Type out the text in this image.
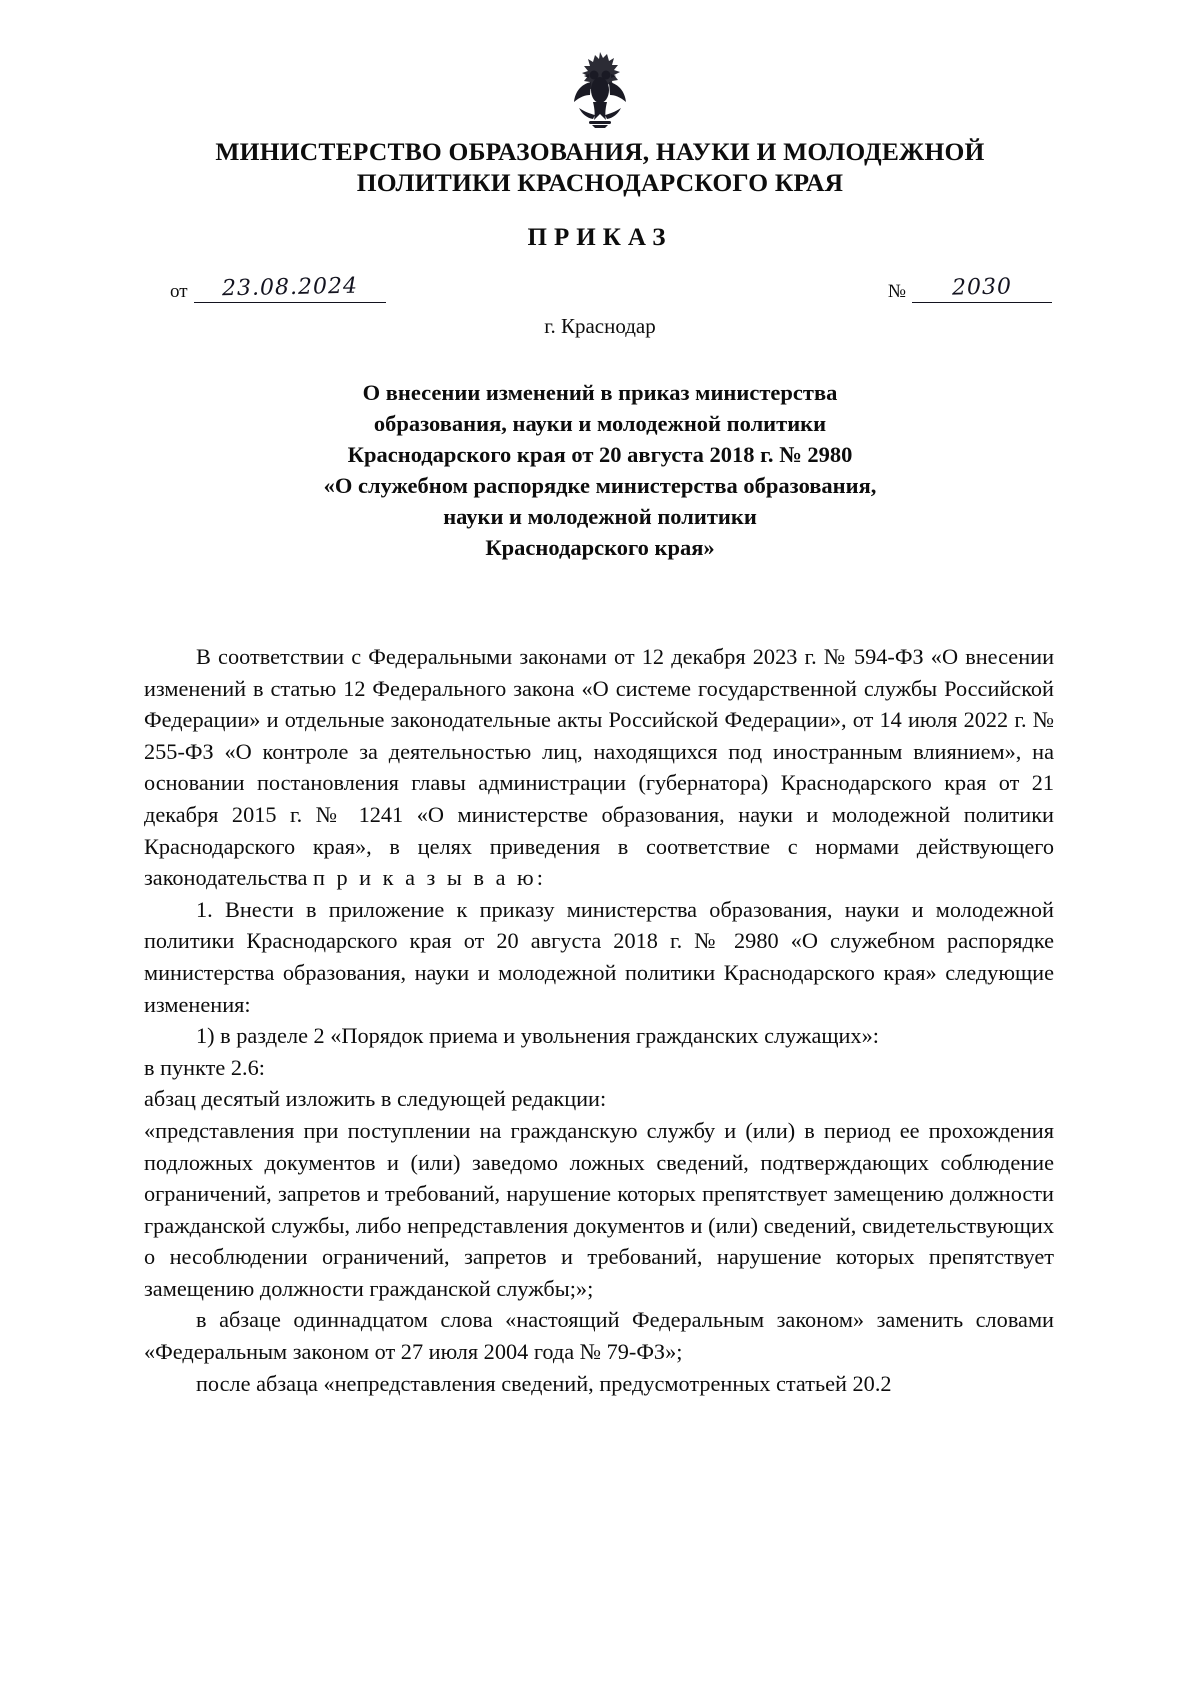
МИНИСТЕРСТВО ОБРАЗОВАНИЯ, НАУКИ И МОЛОДЕЖНОЙ
ПОЛИТИКИ КРАСНОДАРСКОГО КРАЯ
ПРИКАЗ
от	23.08.2024	№	2030
г. Краснодар
О внесении изменений в приказ министерства
образования, науки и молодежной политики
Краснодарского края от 20 августа 2018 г. № 2980
«О служебном распорядке министерства образования,
науки и молодежной политики
Краснодарского края»

В соответствии с Федеральными законами от 12 декабря 2023 г. № 594-ФЗ «О внесении изменений в статью 12 Федерального закона «О системе государственной службы Российской Федерации» и отдельные законодательные акты Российской Федерации», от 14 июля 2022 г. № 255-ФЗ «О контроле за деятельностью лиц, находящихся под иностранным влиянием», на основании постановления главы администрации (губернатора) Краснодарского края от 21 декабря 2015 г. № 1241 «О министерстве образования, науки и молодежной политики Краснодарского края», в целях приведения в соответствие с нормами действующего законодательства п р и к а з ы в а ю:

1. Внести в приложение к приказу министерства образования, науки и молодежной политики Краснодарского края от 20 августа 2018 г. № 2980 «О служебном распорядке министерства образования, науки и молодежной политики Краснодарского края» следующие изменения:

1) в разделе 2 «Порядок приема и увольнения гражданских служащих»:

в пункте 2.6:

абзац десятый изложить в следующей редакции:

«представления при поступлении на гражданскую службу и (или) в период ее прохождения подложных документов и (или) заведомо ложных сведений, подтверждающих соблюдение ограничений, запретов и требований, нарушение которых препятствует замещению должности гражданской службы, либо непредставления документов и (или) сведений, свидетельствующих о несоблюдении ограничений, запретов и требований, нарушение которых препятствует замещению должности гражданской службы;»;

в абзаце одиннадцатом слова «настоящий Федеральным законом» заменить словами «Федеральным законом от 27 июля 2004 года № 79-ФЗ»;

после абзаца «непредставления сведений, предусмотренных статьей 20.2
